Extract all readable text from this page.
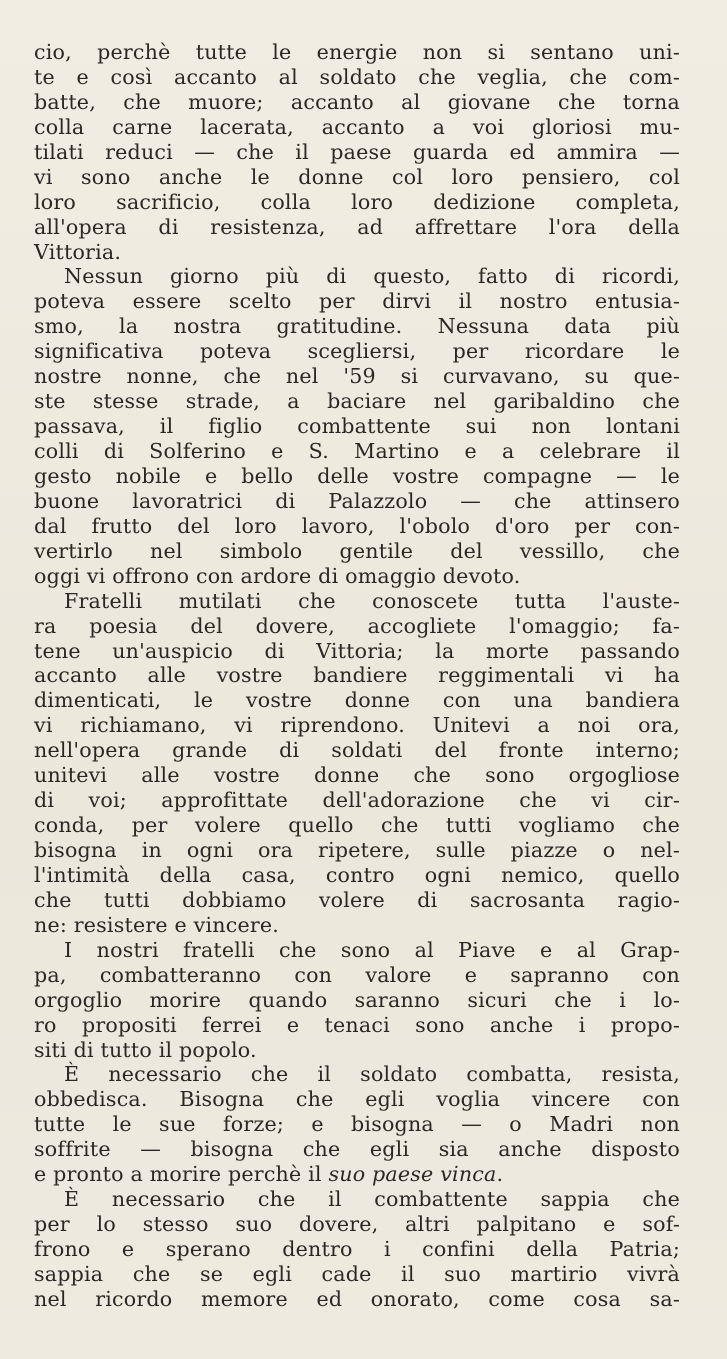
cio, perchè tutte le energie non si sentano uni-
te e così accanto al soldato che veglia, che com-
batte, che muore; accanto al giovane che torna
colla carne lacerata, accanto a voi gloriosi mu-
tilati reduci — che il paese guarda ed ammira —
vi sono anche le donne col loro pensiero, col
loro sacrificio, colla loro dedizione completa,
all'opera di resistenza, ad affrettare l'ora della
Vittoria.
Nessun giorno più di questo, fatto di ricordi,
poteva essere scelto per dirvi il nostro entusia-
smo, la nostra gratitudine. Nessuna data più
significativa poteva scegliersi, per ricordare le
nostre nonne, che nel '59 si curvavano, su que-
ste stesse strade, a baciare nel garibaldino che
passava, il figlio combattente sui non lontani
colli di Solferino e S. Martino e a celebrare il
gesto nobile e bello delle vostre compagne — le
buone lavoratrici di Palazzolo — che attinsero
dal frutto del loro lavoro, l'obolo d'oro per con-
vertirlo nel simbolo gentile del vessillo, che
oggi vi offrono con ardore di omaggio devoto.
Fratelli mutilati che conoscete tutta l'auste-
ra poesia del dovere, accogliete l'omaggio; fa-
tene un'auspicio di Vittoria; la morte passando
accanto alle vostre bandiere reggimentali vi ha
dimenticati, le vostre donne con una bandiera
vi richiamano, vi riprendono. Unitevi a noi ora,
nell'opera grande di soldati del fronte interno;
unitevi alle vostre donne che sono orgogliose
di voi; approfittate dell'adorazione che vi cir-
conda, per volere quello che tutti vogliamo che
bisogna in ogni ora ripetere, sulle piazze o nel-
l'intimità della casa, contro ogni nemico, quello
che tutti dobbiamo volere di sacrosanta ragio-
ne: resistere e vincere.
I nostri fratelli che sono al Piave e al Grap-
pa, combatteranno con valore e sapranno con
orgoglio morire quando saranno sicuri che i lo-
ro propositi ferrei e tenaci sono anche i propo-
siti di tutto il popolo.
È necessario che il soldato combatta, resista,
obbedisca. Bisogna che egli voglia vincere con
tutte le sue forze; e bisogna — o Madri non
soffrite — bisogna che egli sia anche disposto
e pronto a morire perchè il suo paese vinca.
È necessario che il combattente sappia che
per lo stesso suo dovere, altri palpitano e sof-
frono e sperano dentro i confini della Patria;
sappia che se egli cade il suo martirio vivrà
nel ricordo memore ed onorato, come cosa sa-
